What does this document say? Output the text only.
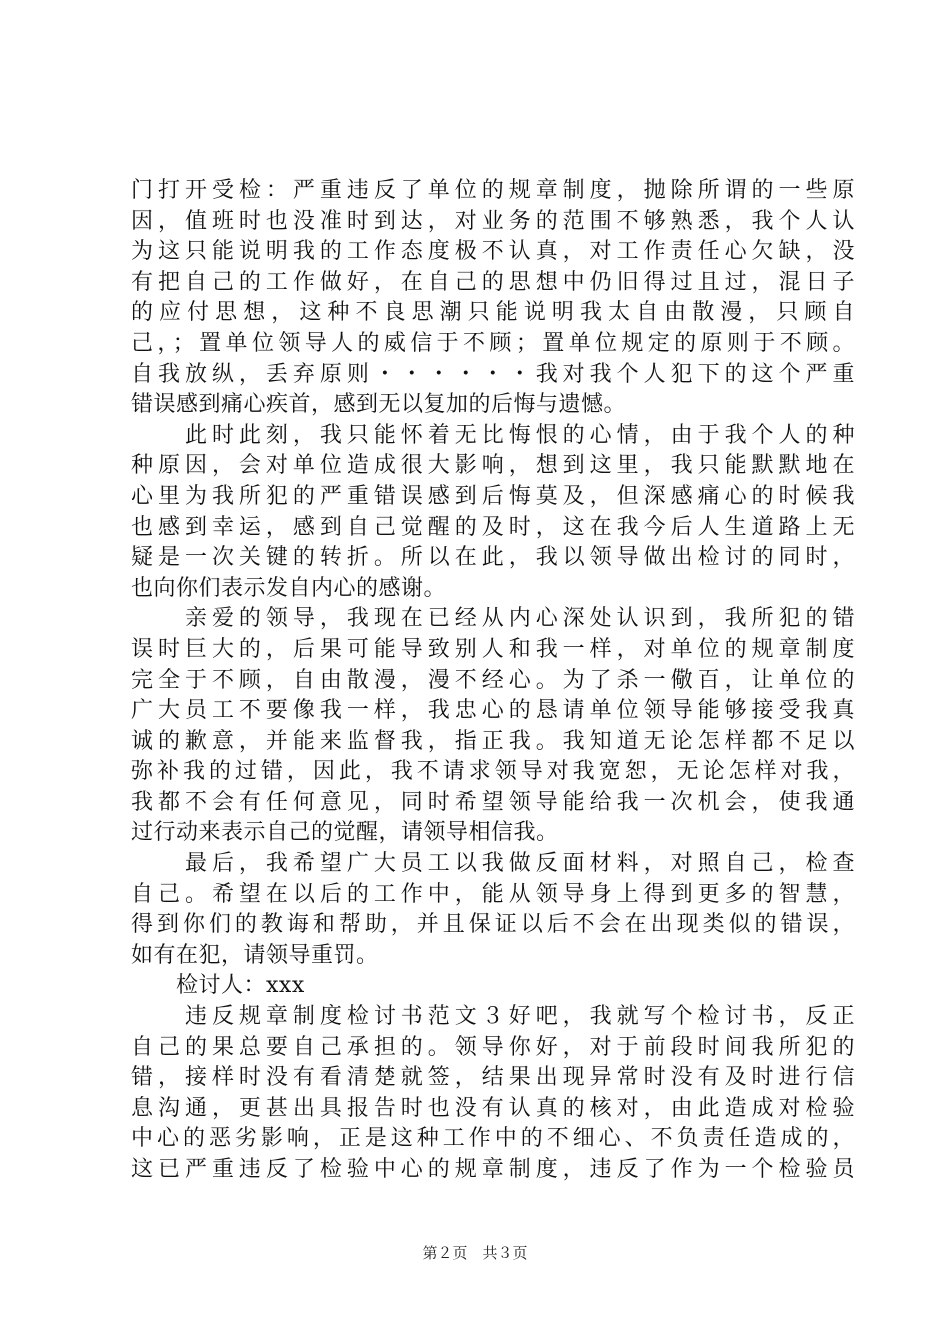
门打开受检：严重违反了单位的规章制度，抛除所谓的一些原
因，值班时也没准时到达，对业务的范围不够熟悉，我个人认
为这只能说明我的工作态度极不认真，对工作责任心欠缺，没
有把自己的工作做好，在自己的思想中仍旧得过且过，混日子
的应付思想，这种不良思潮只能说明我太自由散漫，只顾自
己，；置单位领导人的威信于不顾；置单位规定的原则于不顾。
自我放纵，丢弃原则・・・・・・我对我个人犯下的这个严重
错误感到痛心疾首，感到无以复加的后悔与遗憾。
　　此时此刻，我只能怀着无比悔恨的心情，由于我个人的种
种原因，会对单位造成很大影响，想到这里，我只能默默地在
心里为我所犯的严重错误感到后悔莫及，但深感痛心的时候我
也感到幸运，感到自己觉醒的及时，这在我今后人生道路上无
疑是一次关键的转折。所以在此，我以领导做出检讨的同时，
也向你们表示发自内心的感谢。
　　亲爱的领导，我现在已经从内心深处认识到，我所犯的错
误时巨大的，后果可能导致别人和我一样，对单位的规章制度
完全于不顾，自由散漫，漫不经心。为了杀一儆百，让单位的
广大员工不要像我一样，我忠心的恳请单位领导能够接受我真
诚的歉意，并能来监督我，指正我。我知道无论怎样都不足以
弥补我的过错，因此，我不请求领导对我宽恕，无论怎样对我，
我都不会有任何意见，同时希望领导能给我一次机会，使我通
过行动来表示自己的觉醒，请领导相信我。
　　最后，我希望广大员工以我做反面材料，对照自己，检查
自己。希望在以后的工作中，能从领导身上得到更多的智慧，
得到你们的教诲和帮助，并且保证以后不会在出现类似的错误，
如有在犯，请领导重罚。
　　检讨人：xxx
　　违反规章制度检讨书范文３好吧，我就写个检讨书，反正
自己的果总要自己承担的。领导你好，对于前段时间我所犯的
错，接样时没有看清楚就签，结果出现异常时没有及时进行信
息沟通，更甚出具报告时也没有认真的核对，由此造成对检验
中心的恶劣影响，正是这种工作中的不细心、不负责任造成的，
这已严重违反了检验中心的规章制度，违反了作为一个检验员
第２页　共３页
